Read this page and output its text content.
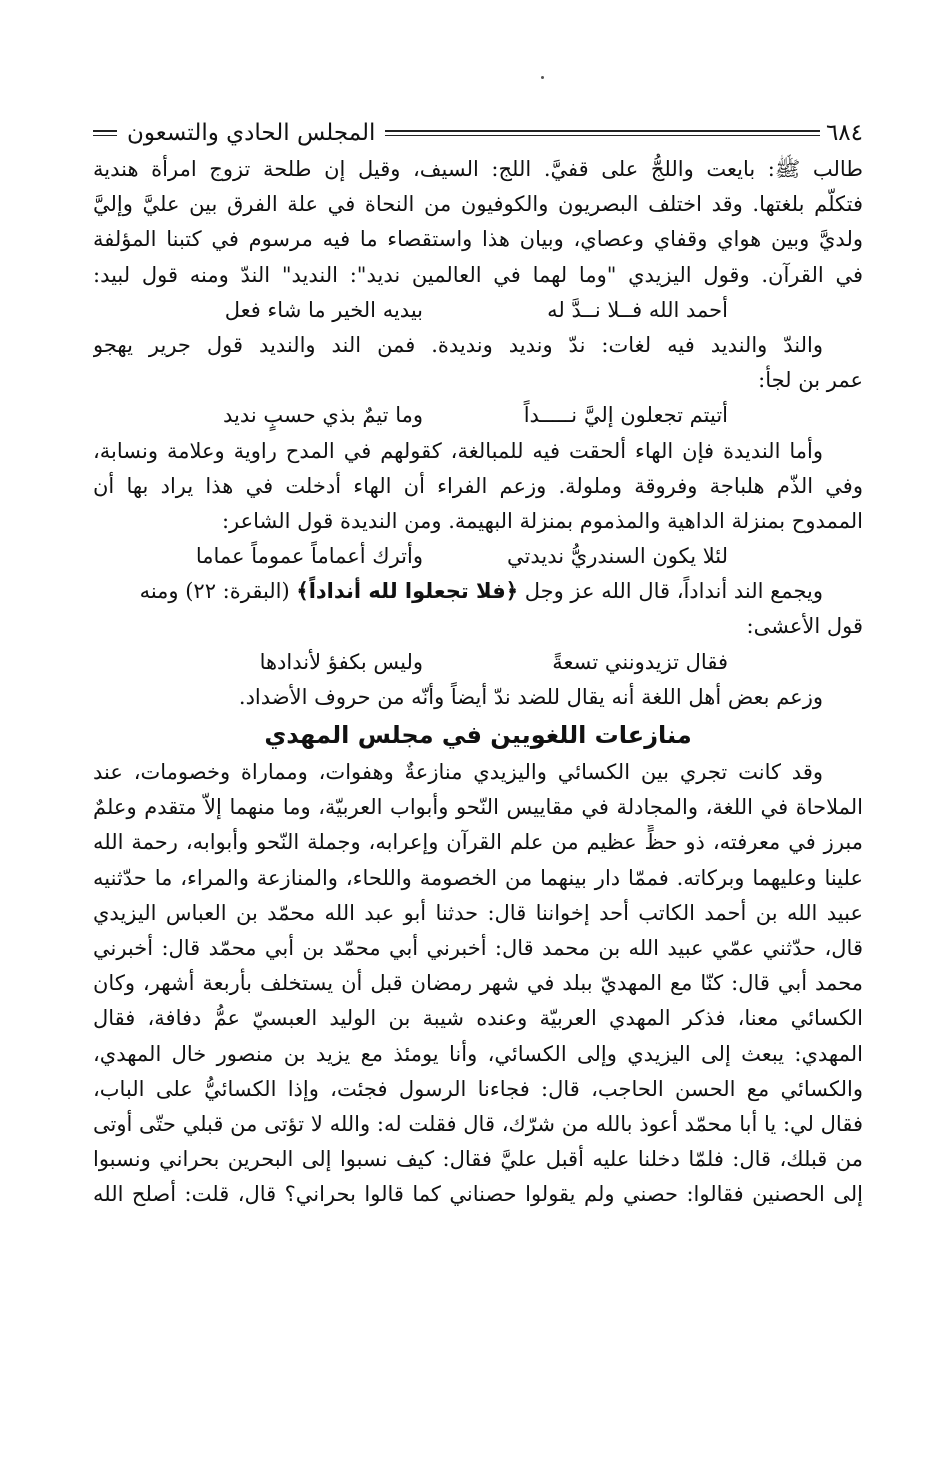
٦٨٤
المجلس الحادي والتسعون
طالب ﷺ: بايعت واللجُّ على قفيَّ. اللج: السيف، وقيل إن طلحة تزوج امرأة هندية
فتكلّم بلغتها. وقد اختلف البصريون والكوفيون من النحاة في علة الفرق بين عليَّ وإليَّ
ولديَّ وبين هواي وقفاي وعصاي، وبيان هذا واستقصاء ما فيه مرسوم في كتبنا المؤلفة
في القرآن. وقول اليزيدي "وما لهما في العالمين نديد": النديد" الندّ ومنه قول لبيد:
أحمد الله فــلا نــدَّ له
بيديه الخير ما شاء فعل
والندّ والنديد فيه لغات: ندّ ونديد ونديدة. فمن الند والنديد قول جرير يهجو
عمر بن لجأ:
أتيتم تجعلون إليَّ نـــــداً
وما تيمٌ بذي حسبٍ نديد
وأما النديدة فإن الهاء ألحقت فيه للمبالغة، كقولهم في المدح راوية وعلامة ونسابة،
وفي الذّم هلباجة وفروقة وملولة. وزعم الفراء أن الهاء أدخلت في هذا يراد بها أن
الممدوح بمنزلة الداهية والمذموم بمنزلة البهيمة. ومن النديدة قول الشاعر:
لئلا يكون السندريُّ نديدتي
وأترك أعماماً عموماً عماما
ويجمع الند أنداداً، قال الله عز وجل ﴿فلا تجعلوا لله أنداداً﴾ (البقرة: ٢٢) ومنه
قول الأعشى:
فقال تزيدونني تسعةً
وليس بكفؤ لأندادها
وزعم بعض أهل اللغة أنه يقال للضد ندّ أيضاً وأنّه من حروف الأضداد.
منازعات اللغويين في مجلس المهدي
وقد كانت تجري بين الكسائي واليزيدي منازعةٌ وهفوات، ومماراة وخصومات، عند
الملاحاة في اللغة، والمجادلة في مقاييس النّحو وأبواب العربيّة، وما منهما إلاّ متقدم وعلمٌ
مبرز في معرفته، ذو حظٍّ عظيم من علم القرآن وإعرابه، وجملة النّحو وأبوابه، رحمة الله
علينا وعليهما وبركاته. فممّا دار بينهما من الخصومة واللحاء، والمنازعة والمراء، ما حدّثنيه
عبيد الله بن أحمد الكاتب أحد إخواننا قال: حدثنا أبو عبد الله محمّد بن العباس اليزيدي
قال، حدّثني عمّي عبيد الله بن محمد قال: أخبرني أبي محمّد بن أبي محمّد قال: أخبرني
محمد أبي قال: كنّا مع المهديّ ببلد في شهر رمضان قبل أن يستخلف بأربعة أشهر، وكان
الكسائي معنا، فذكر المهدي العربيّة وعنده شيبة بن الوليد العبسيّ عمُّ دفافة، فقال
المهدي: يبعث إلى اليزيدي وإلى الكسائي، وأنا يومئذ مع يزيد بن منصور خال المهدي،
والكسائي مع الحسن الحاجب، قال: فجاءنا الرسول فجئت، وإذا الكسائيُّ على الباب،
فقال لي: يا أبا محمّد أعوذ بالله من شرّك، قال فقلت له: والله لا تؤتى من قبلي حتّى أوتى
من قبلك، قال: فلمّا دخلنا عليه أقبل عليَّ فقال: كيف نسبوا إلى البحرين بحراني ونسبوا
إلى الحصنين فقالوا: حصني ولم يقولوا حصناني كما قالوا بحراني؟ قال، قلت: أصلح الله
